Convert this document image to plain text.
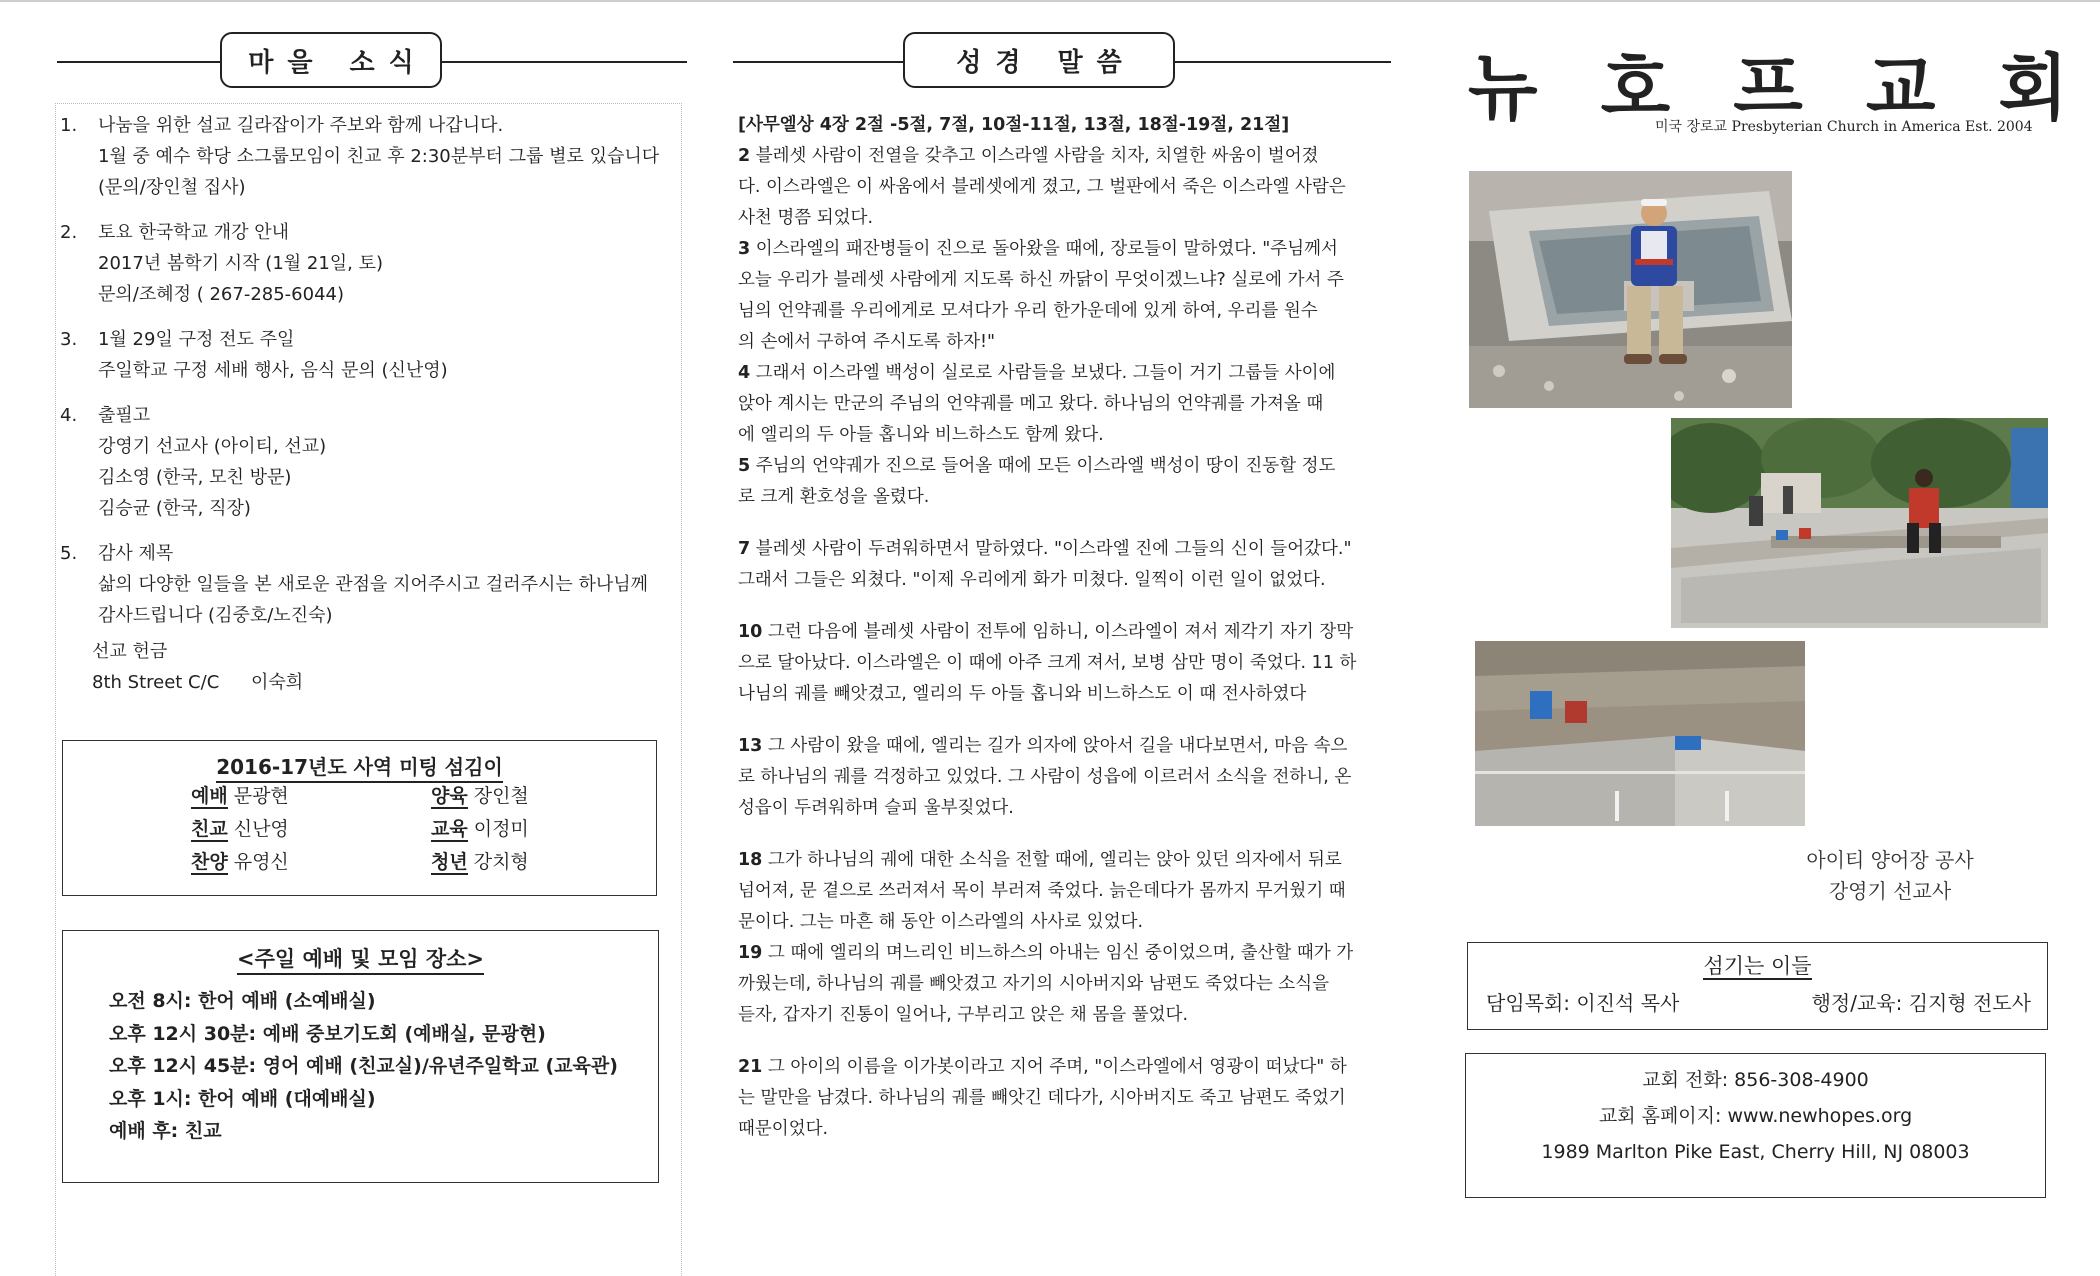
마을 소식
1.	나눔을 위한 설교 길라잡이가 주보와 함께 나갑니다.
1월 중 예수 학당 소그룹모임이 친교 후 2:30분부터 그룹 별로 있습니다
(문의/장인철 집사)
2.	토요 한국학교 개강 안내
2017년 봄학기 시작 (1월 21일, 토)
문의/조혜정 ( 267-285-6044)
3.	1월 29일 구정 전도 주일
주일학교 구정 세배 행사, 음식 문의 (신난영)
4.	출필고
강영기 선교사 (아이티, 선교)
김소영 (한국, 모친 방문)
김승균 (한국, 직장)
5.	감사 제목
삶의 다양한 일들을 본 새로운 관점을 지어주시고 걸러주시는 하나님께
감사드립니다 (김중호/노진숙)
선교 헌금
8th Street C/C 이숙희
2016-17년도 사역 미팅 섬김이
예배 문광현	양육 장인철
친교 신난영	교육 이정미
찬양 유영신	청년 강치형
<주일 예배 및 모임 장소>
오전 8시: 한어 예배 (소예배실)
오후 12시 30분: 예배 중보기도회 (예배실, 문광현)
오후 12시 45분: 영어 예배 (친교실)/유년주일학교 (교육관)
오후 1시: 한어 예배 (대예배실)
예배 후: 친교
성경 말씀
[사무엘상 4장 2절 -5절, 7절, 10절-11절, 13절, 18절-19절, 21절]

2 블레셋 사람이 전열을 갖추고 이스라엘 사람을 치자, 치열한 싸움이 벌어졌
다. 이스라엘은 이 싸움에서 블레셋에게 졌고, 그 벌판에서 죽은 이스라엘 사람은
사천 명쯤 되었다.
3 이스라엘의 패잔병들이 진으로 돌아왔을 때에, 장로들이 말하였다. "주님께서
오늘 우리가 블레셋 사람에게 지도록 하신 까닭이 무엇이겠느냐? 실로에 가서 주
님의 언약궤를 우리에게로 모셔다가 우리 한가운데에 있게 하여, 우리를 원수
의 손에서 구하여 주시도록 하자!"
4 그래서 이스라엘 백성이 실로로 사람들을 보냈다. 그들이 거기 그룹들 사이에
앉아 계시는 만군의 주님의 언약궤를 메고 왔다. 하나님의 언약궤를 가져올 때
에 엘리의 두 아들 홉니와 비느하스도 함께 왔다.
5 주님의 언약궤가 진으로 들어올 때에 모든 이스라엘 백성이 땅이 진동할 정도
로 크게 환호성을 올렸다.

7 블레셋 사람이 두려워하면서 말하였다. "이스라엘 진에 그들의 신이 들어갔다."
그래서 그들은 외쳤다. "이제 우리에게 화가 미쳤다. 일찍이 이런 일이 없었다.

10 그런 다음에 블레셋 사람이 전투에 임하니, 이스라엘이 져서 제각기 자기 장막
으로 달아났다. 이스라엘은 이 때에 아주 크게 져서, 보병 삼만 명이 죽었다. 11 하
나님의 궤를 빼앗겼고, 엘리의 두 아들 홉니와 비느하스도 이 때 전사하였다

13 그 사람이 왔을 때에, 엘리는 길가 의자에 앉아서 길을 내다보면서, 마음 속으
로 하나님의 궤를 걱정하고 있었다. 그 사람이 성읍에 이르러서 소식을 전하니, 온
성읍이 두려워하며 슬피 울부짖었다.

18 그가 하나님의 궤에 대한 소식을 전할 때에, 엘리는 앉아 있던 의자에서 뒤로
넘어져, 문 곁으로 쓰러져서 목이 부러져 죽었다. 늙은데다가 몸까지 무거웠기 때
문이다. 그는 마흔 해 동안 이스라엘의 사사로 있었다.
19 그 때에 엘리의 며느리인 비느하스의 아내는 임신 중이었으며, 출산할 때가 가
까웠는데, 하나님의 궤를 빼앗겼고 자기의 시아버지와 남편도 죽었다는 소식을
듣자, 갑자기 진통이 일어나, 구부리고 앉은 채 몸을 풀었다.

21 그 아이의 이름을 이가봇이라고 지어 주며, "이스라엘에서 영광이 떠났다" 하
는 말만을 남겼다. 하나님의 궤를 빼앗긴 데다가, 시아버지도 죽고 남편도 죽었기
때문이었다.

뉴 호 프 교 회
미국 장로교 Presbyterian Church in America Est. 2004
아이티 양어장 공사
강영기 선교사
섬기는 이들
담임목회: 이진석 목사	행정/교육: 김지형 전도사
교회 전화: 856-308-4900
교회 홈페이지: www.newhopes.org
1989 Marlton Pike East, Cherry Hill, NJ 08003
